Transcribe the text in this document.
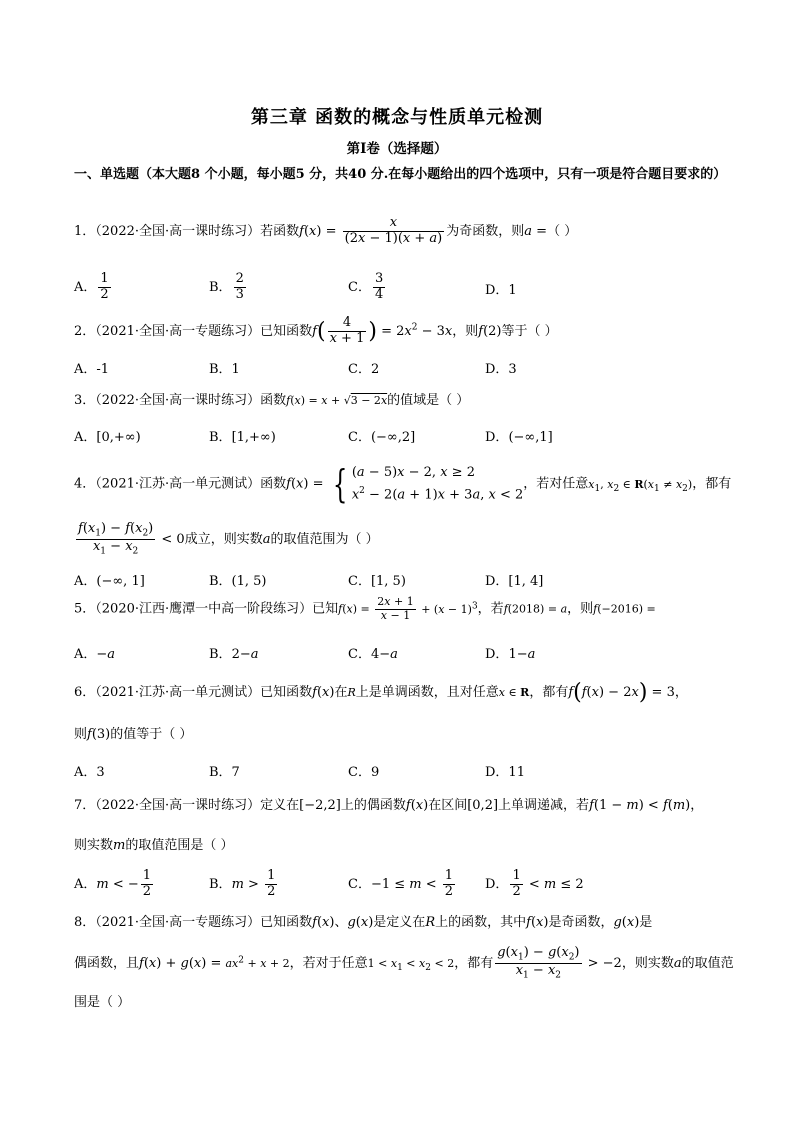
第三章 函数的概念与性质单元检测
第Ⅰ卷（选择题）
一、单选题（本大题8 个小题，每小题5 分，共40 分.在每小题给出的四个选项中，只有一项是符合题目要求的）
1．（2022·全国·高一课时练习）若函数$f(x) = \frac{x}{(2x - 1)(x + a)}$ 为奇函数，则a =（ ）
A． $\frac{1}{2}$	B． $\frac{2}{3}$	C． $\frac{3}{4}$	D．1
2．（2021·全国·高一专题练习）已知函数$f( \frac{4}{x + 1}$ ) = $2x^2 - 3x$，则f(2)等于（ ）
A．-1	B．1	C．2	D．3
3．（2022·全国·高一课时练习）函数f(x) = x + √3 − 2x的值域是（ ）
A．[0,+∞)	B．[1,+∞)	C．(−∞,2]	D．(−∞,1]
4．（2021·江苏·高一单元测试）函数f(x) = { (a − 5)x − 2, x ≥ 2
$x^2 - 2(a + 1)x + 3a$, x < 2
，若对任意$x_1$, $x_2$ ∈ $R(x_1 \ne x_2)$，都有
$\frac{f(x_1) - f(x_2)}{x_1 - x_2} < 0$成立，则实数a的取值范围为（ ）
A．(−∞, 1]	B．(1, 5)	C．[1, 5)	D．[1, 4]
5．（2020·江西·鹰潭一中高一阶段练习）已知$f(x) = \frac{2x + 1}{x - 1} + (x - 1)^3$，若f(2018) = a，则f(−2016) =
A．−a	B．2−a	C．4−a	D．1−a
6．（2021·江苏·高一单元测试）已知函数f(x)在R上是单调函数，且对任意x ∈ R，都有f(f(x) − 2x) = 3，
则f(3)的值等于（ ）
A．3	B．7	C．9	D．11
7．（2022·全国·高一课时练习）定义在[−2,2]上的偶函数f(x)在区间[0,2]上单调递减，若f(1 − m) < f(m)，
则实数m的取值范围是（ ）
A．m < − $\frac{1}{2}$	B．$m > \frac{1}{2}$	C．$-1 \le m < \frac{1}{2}$ D． $\frac{1}{2} < m \le 2$
8．（2021·全国·高一专题练习）已知函数f(x)、g(x)是定义在R上的函数，其中f(x)是奇函数，g(x)是
偶函数，且$f(x) + g(x) = ax^2 + x + 2$，若对于任意$1 < x_1 < x_2 < 2$，都有 $\frac{g(x_1) - g(x_2)}{x_1 - x_2} > -2$，则实数a的取值范
围是（ ）
